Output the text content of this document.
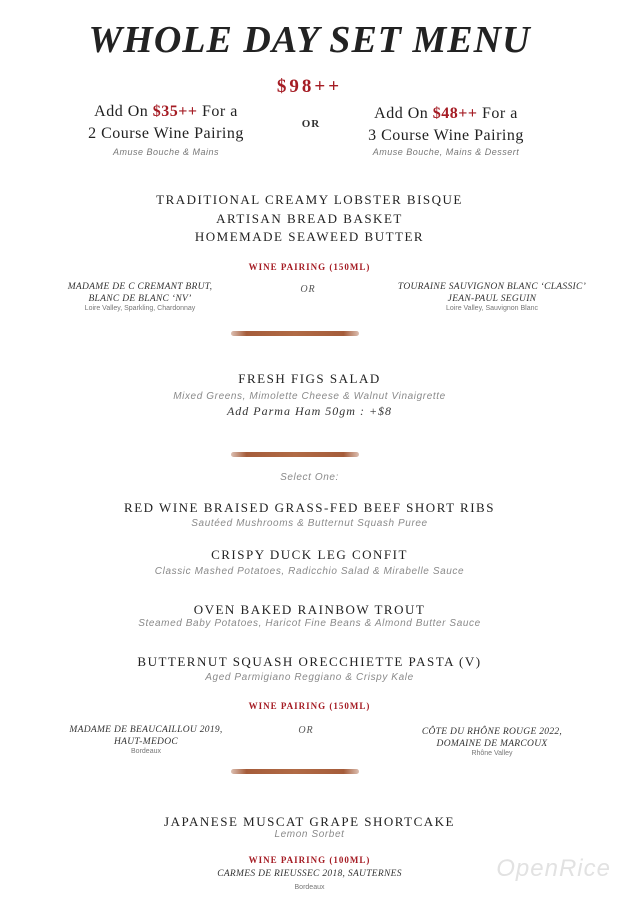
WHOLE DAY SET MENU
$98++
Add On $35++ For a
2 Course Wine Pairing
Amuse Bouche & Mains
OR
Add On $48++ For a
3 Course Wine Pairing
Amuse Bouche, Mains & Dessert
TRADITIONAL CREAMY LOBSTER BISQUE
ARTISAN BREAD BASKET
HOMEMADE SEAWEED BUTTER
WINE PAIRING (150ML)
MADAME DE C CREMANT BRUT,
BLANC DE BLANC ‘NV’
Loire Valley, Sparkling, Chardonnay
OR	TOURAINE SAUVIGNON BLANC ‘CLASSIC’
JEAN-PAUL SEGUIN
Loire Valley, Sauvignon Blanc
FRESH FIGS SALAD
Mixed Greens, Mimolette Cheese & Walnut Vinaigrette
Add Parma Ham 50gm : +$8
Select One:
RED WINE BRAISED GRASS-FED BEEF SHORT RIBS
Sautéed Mushrooms & Butternut Squash Puree
CRISPY DUCK LEG CONFIT
Classic Mashed Potatoes, Radicchio Salad & Mirabelle Sauce
OVEN BAKED RAINBOW TROUT
Steamed Baby Potatoes, Haricot Fine Beans & Almond Butter Sauce
BUTTERNUT SQUASH ORECCHIETTE PASTA (V)
Aged Parmigiano Reggiano & Crispy Kale
WINE PAIRING (150ML)
MADAME DE BEAUCAILLOU 2019,
HAUT-MEDOC
Bordeaux
OR	CÔTE DU RHÔNE ROUGE 2022,
DOMAINE DE MARCOUX
Rhône Valley
JAPANESE MUSCAT GRAPE SHORTCAKE
Lemon Sorbet
WINE PAIRING (100ML)
CARMES DE RIEUSSEC 2018, SAUTERNES
Bordeaux
OpenRice
